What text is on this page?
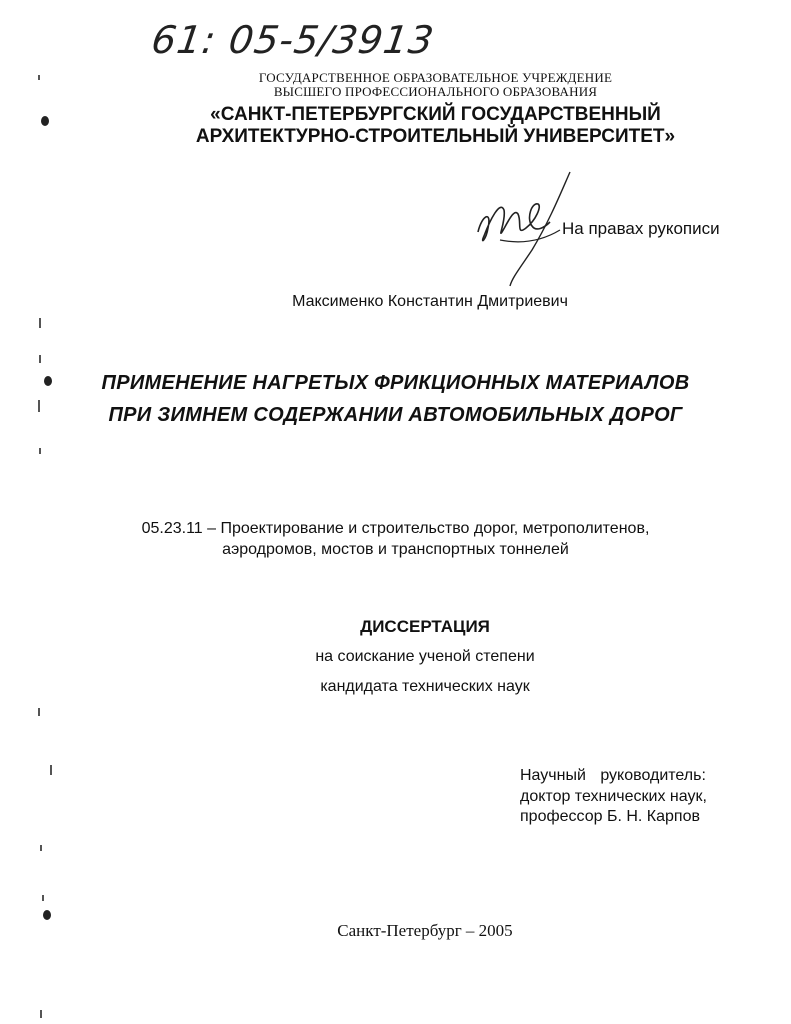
61: 05-5/3913
ГОСУДАРСТВЕННОЕ ОБРАЗОВАТЕЛЬНОЕ УЧРЕЖДЕНИЕ
ВЫСШЕГО ПРОФЕССИОНАЛЬНОГО ОБРАЗОВАНИЯ
«САНКТ-ПЕТЕРБУРГСКИЙ ГОСУДАРСТВЕННЫЙ
АРХИТЕКТУРНО-СТРОИТЕЛЬНЫЙ УНИВЕРСИТЕТ»
На правах рукописи
Максименко Константин Дмитриевич
ПРИМЕНЕНИЕ НАГРЕТЫХ ФРИКЦИОННЫХ МАТЕРИАЛОВ
ПРИ ЗИМНЕМ СОДЕРЖАНИИ АВТОМОБИЛЬНЫХ ДОРОГ
05.23.11 – Проектирование и строительство дорог, метрополитенов,
аэродромов, мостов и транспортных тоннелей
ДИССЕРТАЦИЯ
на соискание ученой степени
кандидата технических наук
Научный руководитель:
доктор технических наук,
профессор Б. Н. Карпов
Санкт-Петербург – 2005
